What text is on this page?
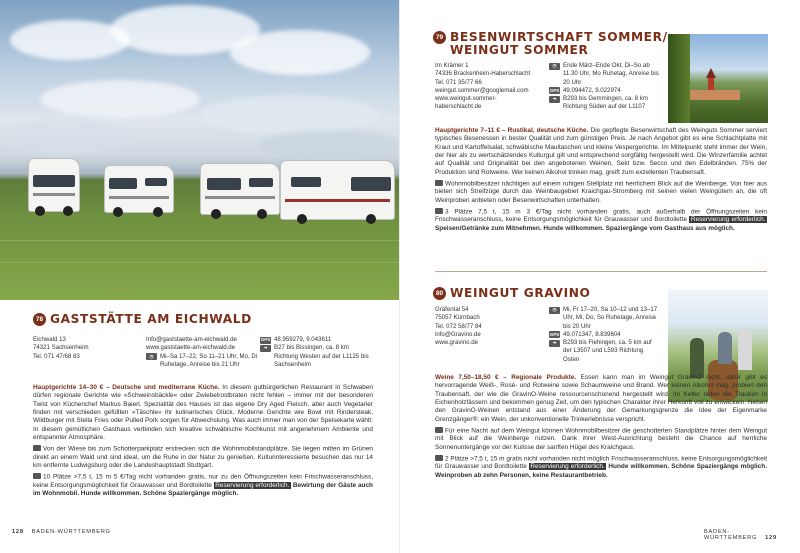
78 GASTSTÄTTE AM EICHWALD
Eichwald 13
74321 Sachsenheim
Tel. 071 47/68 83
Info@gaststaette-am-eichwald.de
www.gaststaette-am-eichwald.de
◷	Mi–Sa 17–22, So 11–21 Uhr, Mo, Di Ruhetage, Anreise bis 21 Uhr
GPS 48.959279, 9.043611
➜	B27 bis Bissingen, ca. 8 km Richtung Westen auf der L1125 bis Sachsenheim

Hauptgerichte 14–30 € – Deutsche und mediterrane Küche. In diesem gutbürgerlichen Restaurant in Schwaben dürfen regionale Gerichte wie »Schweinsbäckle« oder Zwiebelrostbraten nicht fehlen – immer mit der besonderen Twist von Küchenchef Markus Baierl. Spezialität des Hauses ist das eigene Dry Aged Fleisch, aber auch Vegetarier finden mit verschieden gefüllten »Täschle« ihr kulinarisches Glück. Moderne Gerichte wie Bowl mit Rindersteak, Wildburger mit Stella Fries oder Pulled Pork sorgen für Abwechslung. Was auch immer man von der Speisekarte wählt: In diesem gemütlichen Gasthaus verbinden sich kreative schwäbische Kochkunst mit angenehmem Ambiente und entspannter Atmosphäre.

Von der Wiese bis zum Schotterparkplatz erstrecken sich die Wohnmobilstandplätze. Sie liegen mitten im Grünen direkt an einem Wald und sind ideal, um die Ruhe in der Natur zu genießen. Kulturinteressierte besuchen das nur 14 km entfernte Ludwigsburg oder die Landeshauptstadt Stuttgart.

10 Plätze >7,5 t, 15 m 5 €/Tag nicht vorhanden gratis, nur zu den Öffnungszeiten kein Frischwasseranschluss, keine Entsorgungsmöglichkeit für Grauwasser und Bordtoilette Reservierung erforderlich. Bewirtung der Gäste auch im Wohnmobil. Hunde willkommen. Schöne Spaziergänge möglich.

128 BADEN-WÜRTTEMBERG
79 BESENWIRTSCHAFT SOMMER/
WEINGUT SOMMER
Im Krämer 1
74336 Brackenheim-Haberschlacht
Tel. 071 35/77 66
weingut.sommer@googlemail.com
www.weingut-sommer-
haberschlacht.de
◷	Ende März–Ende Okt. Di–So ab 11.30 Uhr, Mo Ruhetag, Anreise bis 20 Uhr
GPS 49.094472, 9.022974
➜	B293 bis Gemmingen, ca. 8 km Richtung Süden auf der L1107

Hauptgerichte 7–11 € – Rustikal, deutsche Küche. Die gepflegte Besenwirtschaft des Weinguts Sommer serviert typisches Besenessen in bester Qualität und zum günstigen Preis. Je nach Angebot gibt es eine Schlachtplatte mit Kraut und Kartoffelsalat, schwäbische Maultaschen und kleine Vespergerichte. Im Mittelpunkt steht immer der Wein, der hier als zu wertschätzendes Kulturgut gilt und entsprechend sorgfältig hergestellt wird. Die Winzerfamilie achtet auf Qualität und Originalität bei den angebotenen Weinen, Sekt bzw. Secco und den Edelbränden. 75% der Produktion sind Rotweine. Wer keinen Alkohol trinken mag, greift zum exzellenten Traubensaft.

Wohnmobilbesitzer nächtigen auf einem ruhigen Stellplatz mit herrlichem Blick auf die Weinberge. Von hier aus bieten sich Streifzüge durch das Weinbaugebiet Kraichgau-Stromberg mit seinen vielen Weingütern an, die oft Weinproben anbieten oder Besenwirtschaften unterhalten.

3 Plätze 7,5 t, 15 m 3 €/Tag nicht vorhanden gratis, auch außerhalb der Öffnungszeiten kein Frischwasseranschluss, keine Entsorgungsmöglichkeit für Grauwasser und Bordtoilette Reservierung erforderlich. Speisen/Getränke zum Mitnehmen. Hunde willkommen. Spaziergänge vom Gasthaus aus möglich.

80 WEINGUT GRAVINO
Gräfental 54
75057 Kürnbach
Tel. 072 58/77 84
info@Gravino.de
www.gravino.de
◷	Mi, Fr 17–20, Sa 10–12 und 13–17 Uhr, Mi, Do, So Ruhetage, Anreise bis 20 Uhr
GPS 49.071347, 8.839604
➜	B293 bis Flehingen, ca. 5 km auf der L3507 und L593 Richtung Osten

Weine 7,50–18,50 € – Regionale Produkte. Essen kann man im Weingut GravinO nicht, dafür gibt es hervorragende Weiß-, Rosé- und Rotweine sowie Schaumweine und Brand. Wer keinen Alkohol mag, probiert den Traubensaft, der wie die GravinO-Weine ressourcenschonend hergestellt wird. Im Keller reifen die Trauben in Eichenholzfässern und bekommen genug Zeit, um den typischen Charakter ihrer Herkunft voll zu entwickeln. Neben den GravinO-Weinen entstand aus einer Änderung der Gemarkungsgrenze die Idee der Eigenmarke Grenzgänger®: ein Wein, der unkonventionelle Trinkerlebnisse verspricht.

Für eine Nacht auf dem Weingut können Wohnmobilbesitzer die geschotterten Standplätze hinter dem Weingut mit Blick auf die Weinberge nutzen. Dank ihrer West-Ausrichtung besteht die Chance auf herrliche Sonnenuntergänge vor der Kulisse der sanften Hügel des Kraichgaus.

2 Plätze >7,5 t, 15 m gratis nicht vorhanden nicht möglich Frischwasseranschluss, keine Entsorgungsmöglichkeit für Grauwasser und Bordtoilette Reservierung erforderlich. Hunde willkommen. Schöne Spaziergänge möglich. Weinproben ab zehn Personen, keine Restaurantbetrieb.

BADEN-WÜRTTEMBERG 129
